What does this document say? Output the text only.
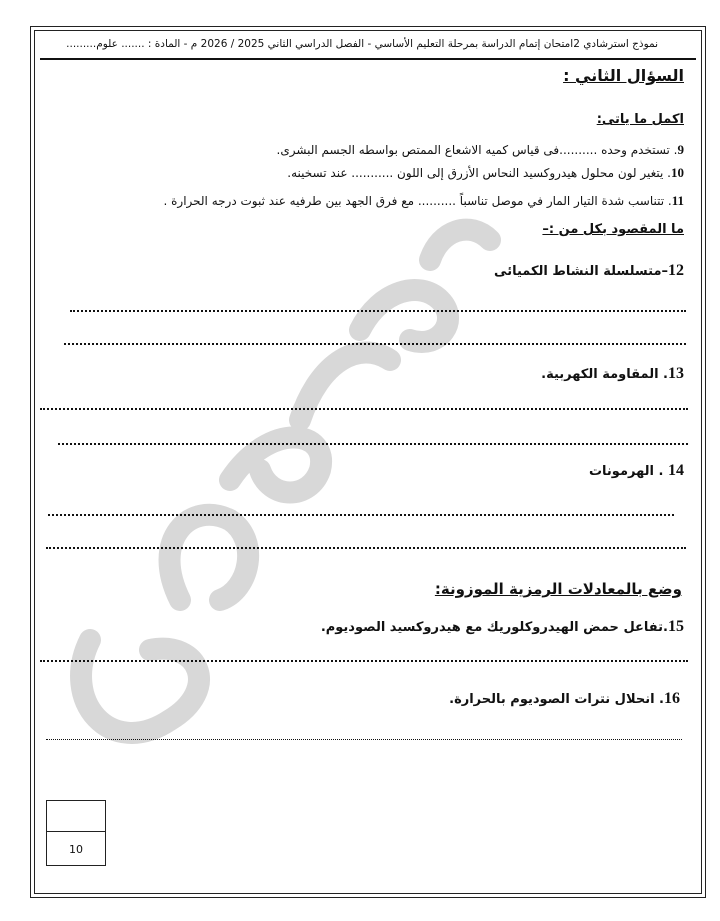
نموذج استرشادي 2امتحان إتمام الدراسة بمرحلة التعليم الأساسي - الفصل الدراسي الثاني 2025 / 2026 م - المادة : ....... علوم.........
السؤال الثاني :
اكمل ما ياتى:
9. تستخدم وحده ..........فى قياس كميه الاشعاع الممتص بواسطه الجسم البشرى.
10. يتغير لون محلول هيدروكسيد النحاس الأزرق إلى اللون ........... عند تسخينه.
11. تتناسب شدة التيار المار في موصل تناسباً .......... مع فرق الجهد بين طرفيه عند ثبوت درجه الحرارة .
ما المقصود بكل من :–
12–متسلسلة النشاط الكميائى
13. المقاومة الكهربية.
14 . الهرمونات
وضع بالمعادلات الرمزية الموزونة:
15.تفاعل حمض الهيدروكلوريك مع هيدروكسيد الصوديوم.
16. انحلال نترات الصوديوم بالحرارة.
10
